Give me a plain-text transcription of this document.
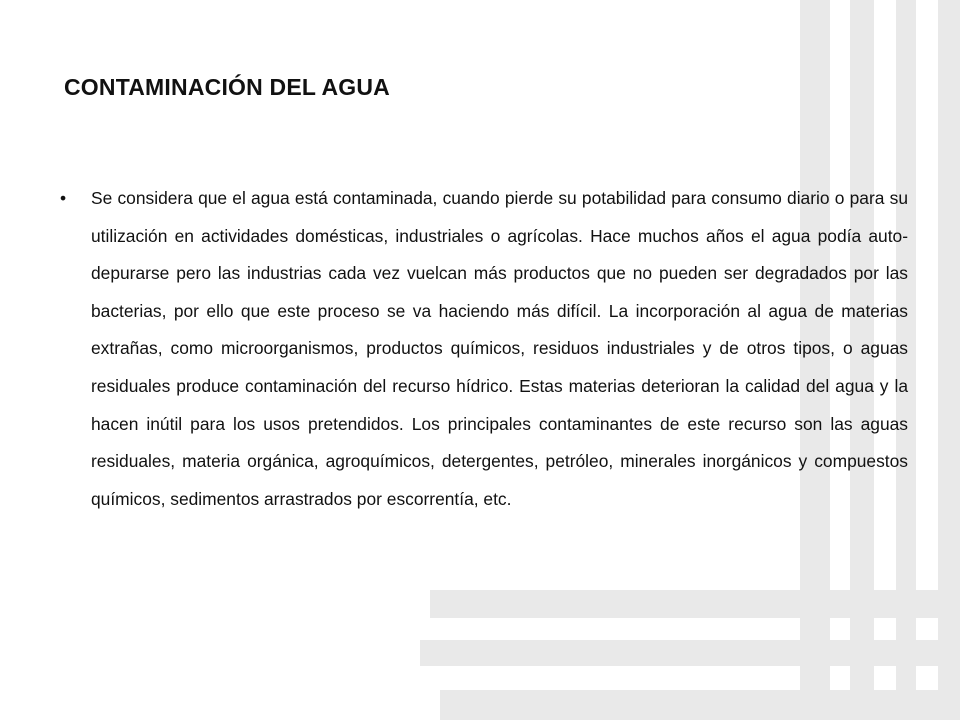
CONTAMINACIÓN DEL AGUA
• Se considera que el agua está contaminada, cuando pierde su potabilidad para consumo diario o para su utilización en actividades domésticas, industriales o agrícolas. Hace muchos años el agua podía auto-depurarse pero las industrias cada vez vuelcan más productos que no pueden ser degradados por las bacterias, por ello que este proceso se va haciendo más difícil. La incorporación al agua de materias extrañas, como microorganismos, productos químicos, residuos industriales y de otros tipos, o aguas residuales produce contaminación del recurso hídrico. Estas materias deterioran la calidad del agua y la hacen inútil para los usos pretendidos. Los principales contaminantes de este recurso son las aguas residuales, materia orgánica, agroquímicos, detergentes, petróleo, minerales inorgánicos y compuestos químicos, sedimentos arrastrados por escorrentía, etc.
